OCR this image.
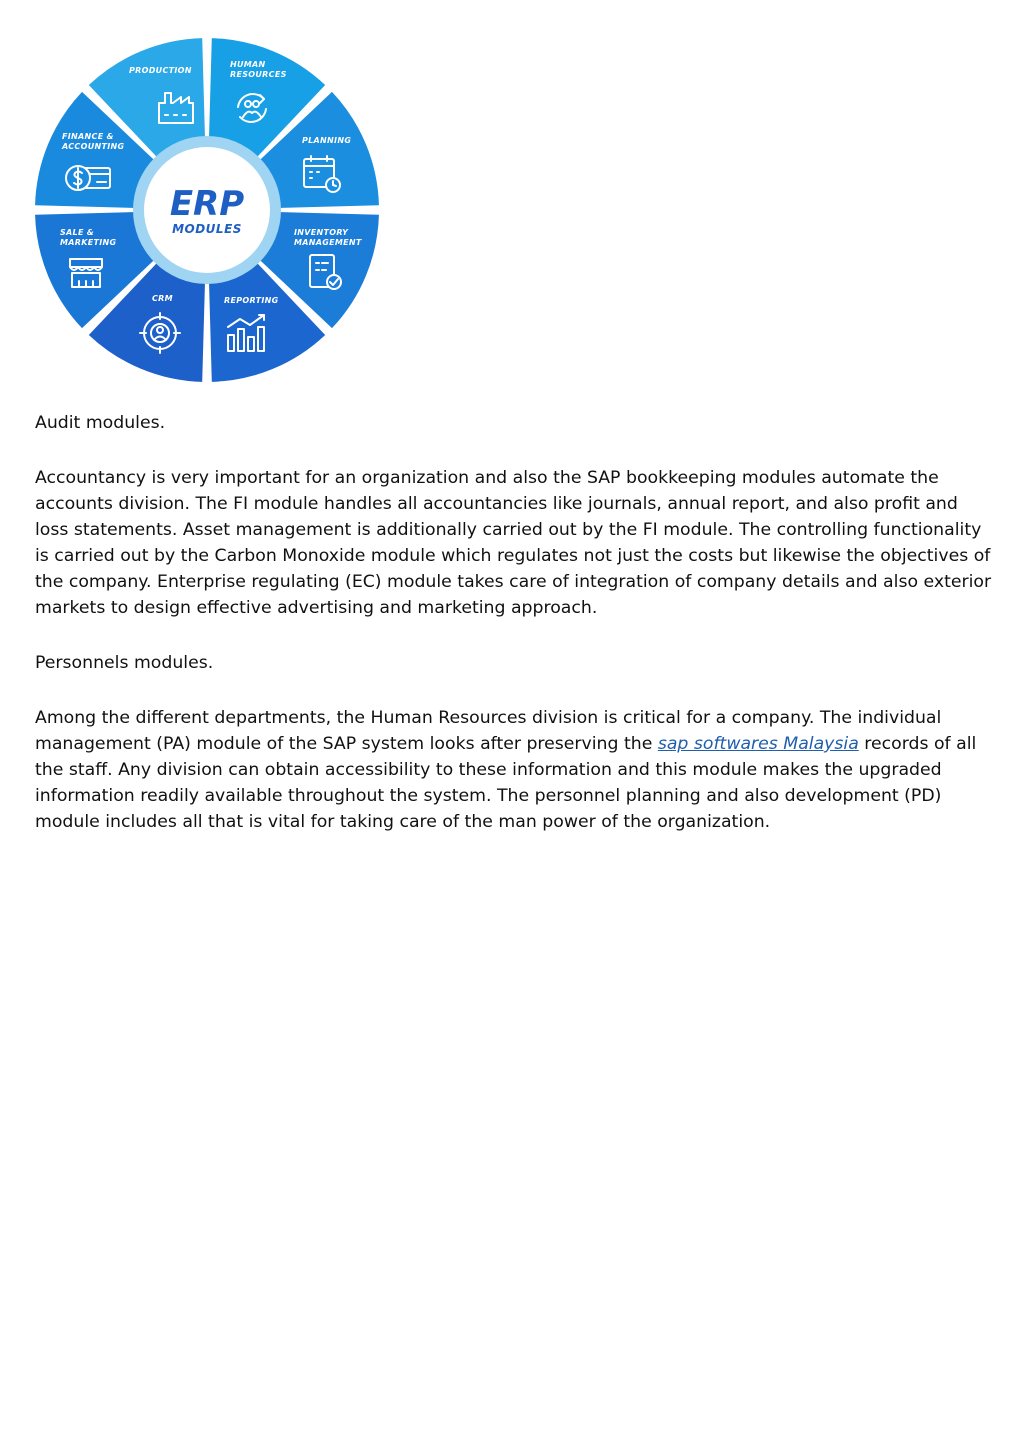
PRODUCTION
HUMAN
RESOURCES
PLANNING
INVENTORY
MANAGEMENT
REPORTING
CRM
SALE &
MARKETING
FINANCE &
ACCOUNTING
ERP
MODULES

Audit modules.

Accountancy is very important for an organization and also the SAP bookkeeping modules automate the accounts division. The FI module handles all accountancies like journals, annual report, and also profit and loss statements. Asset management is additionally carried out by the FI module. The controlling functionality is carried out by the Carbon Monoxide module which regulates not just the costs but likewise the objectives of the company. Enterprise regulating (EC) module takes care of integration of company details and also exterior markets to design effective advertising and marketing approach.

Personnels modules.

Among the different departments, the Human Resources division is critical for a company. The individual management (PA) module of the SAP system looks after preserving the sap softwares Malaysia records of all the staff. Any division can obtain accessibility to these information and this module makes the upgraded information readily available throughout the system. The personnel planning and also development (PD) module includes all that is vital for taking care of the man power of the organization.
